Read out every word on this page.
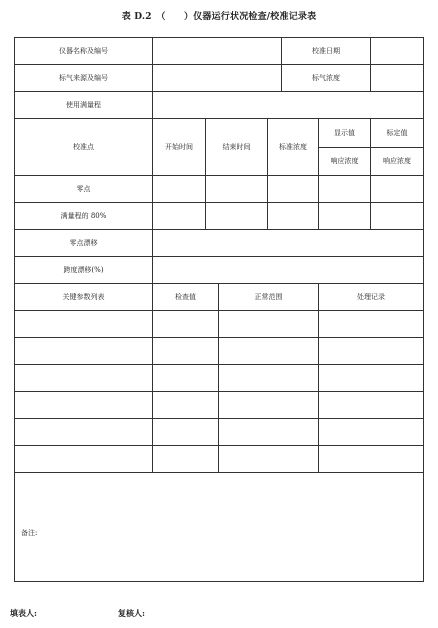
表 D.2　（　　）仪器运行状况检查/校准记录表
仪器名称及编号					校准日期		
标气来源及编号					标气浓度		
使用满量程							
校准点	开始时间	结束时间		标准浓度		显示值	标定值
						响应浓度	响应浓度
零点							
满量程的 80%							
零点漂移							
跨度漂移(%)							
关键参数列表	检查值		正常范围			处理记录	

备注:							
填表人:	复核人:
